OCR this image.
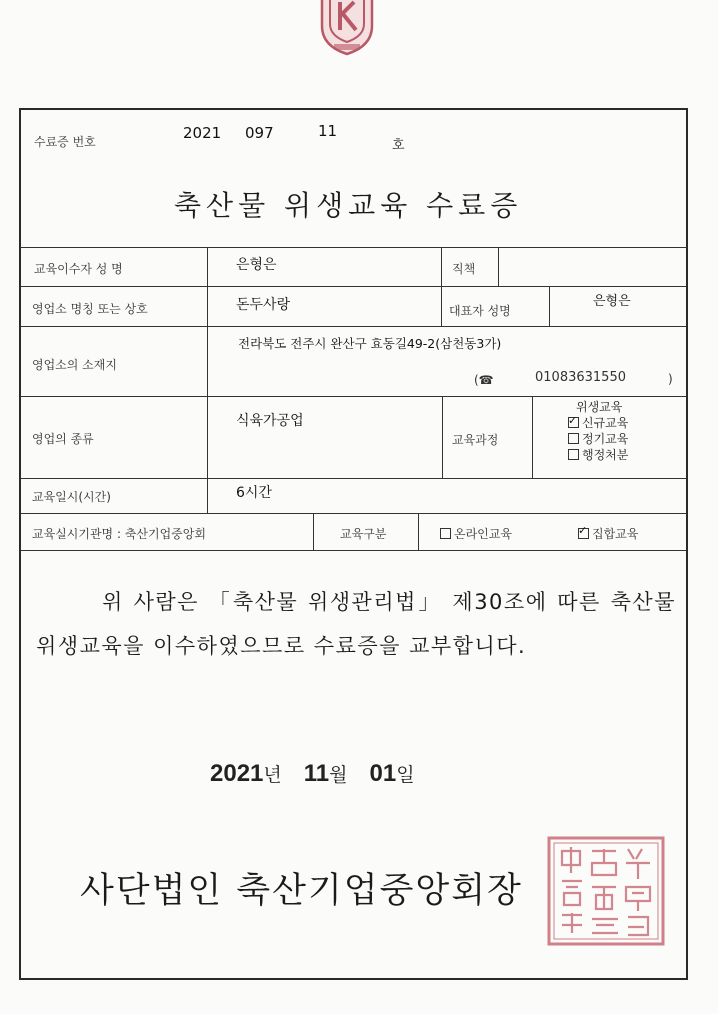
수료증 번호	2021 097	11
호
축산물 위생교육 수료증
교육이수자 성 명	은형은	직책
영업소 명칭 또는 상호	돈두사랑	대표자 성명
은형은
영업소의 소재지
전라북도 전주시 완산구 효동길49-2(삼천동3가)
(☎	01083631550	)
영업의 종류
식육가공업
교육과정
위생교육
✓신규교육
정기교육
행정처분
교육일시(시간)	6시간
교육실시기관명 : 축산기업중앙회	교육구분	온라인교육
✓	집합교육
위 사람은 「축산물 위생관리법」 제30조에 따른 축산물 위생교육을 이수하였으므로 수료증을 교부합니다.
2021년 11월 01일
사단법인 축산기업중앙회장
